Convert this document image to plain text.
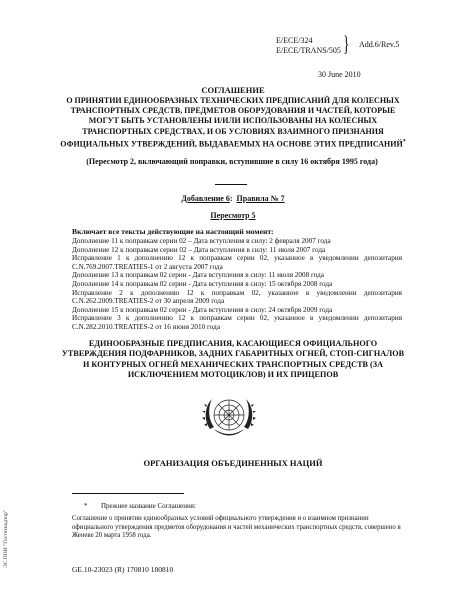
E/ECE/324
E/ECE/TRANS/505 } Add.6/Rev.5
30 June 2010
СОГЛАШЕНИЕ
О ПРИНЯТИИ ЕДИНООБРАЗНЫХ ТЕХНИЧЕСКИХ ПРЕДПИСАНИЙ ДЛЯ КОЛЕСНЫХ ТРАНСПОРТНЫХ СРЕДСТВ, ПРЕДМЕТОВ ОБОРУДОВАНИЯ И ЧАСТЕЙ, КОТОРЫЕ МОГУТ БЫТЬ УСТАНОВЛЕНЫ И/ИЛИ ИСПОЛЬЗОВАНЫ НА КОЛЕСНЫХ ТРАНСПОРТНЫХ СРЕДСТВАХ, И ОБ УСЛОВИЯХ ВЗАИМНОГО ПРИЗНАНИЯ ОФИЦИАЛЬНЫХ УТВЕРЖДЕНИЙ, ВЫДАВАЕМЫХ НА ОСНОВЕ ЭТИХ ПРЕДПИСАНИЙ*
(Пересмотр 2, включающий поправки, вступившие в силу 16 октября 1995 года)
Добавление 6:  Правила № 7
Пересмотр 5
Включает все тексты действующие на настоящий момент:
Дополнение 11 к поправкам серии 02 – Дата вступления в силу: 2 февраля 2007 года
Дополнение 12 к поправкам серии 02 – Дата вступления в силу: 11 июля 2007 года
Исправление 1 к дополнению 12 к поправкам серии 02, указанное в уведомлении депозитария C.N.769.2007.TREATIES-1 от 2 августа 2007 года
Дополнение 13 к поправкам 02 серии - Дата вступления в силу: 11 июля 2008 года
Дополнение 14 к поправкам 02 серии - Дата вступления в силу: 15 октября 2008 года
Исправление 2 к дополнению 12 к поправкам 02, указанное в уведомлении депозитария C.N.262.2009.TREATIES-2 от 30 апреля 2009 года
Дополнение 15 к поправкам 02 серии - Дата вступления в силу: 24 октября 2009 года
Исправление 3 к дополнению 12 к поправкам серии 02, указанное в уведомлении депозитария C.N.282.2010.TREATIES-2 от 16 июня 2010 года
ЕДИНООБРАЗНЫЕ ПРЕДПИСАНИЯ, КАСАЮЩИЕСЯ ОФИЦИАЛЬНОГО УТВЕРЖДЕНИЯ ПОДФАРНИКОВ, ЗАДНИХ ГАБАРИТНЫХ ОГНЕЙ, СТОП-СИГНАЛОВ И КОНТУРНЫХ ОГНЕЙ МЕХАНИЧЕСКИХ ТРАНСПОРТНЫХ СРЕДСТВ (ЗА ИСКЛЮЧЕНИЕМ МОТОЦИКЛОВ) И ИХ ПРИЦЕПОВ
ОРГАНИЗАЦИЯ ОБЪЕДИНЕННЫХ НАЦИЙ
* Прежнее название Соглашения:
Соглашение о принятии единообразных условий официального утверждения и о взаимном признании официального утверждения предметов оборудования и частей механических транспортных средств, совершено в Женеве 20 марта 1958 года.
GE.10-23023 (R) 170810 180810
ЭС ППИ "Гостехнадзор"
